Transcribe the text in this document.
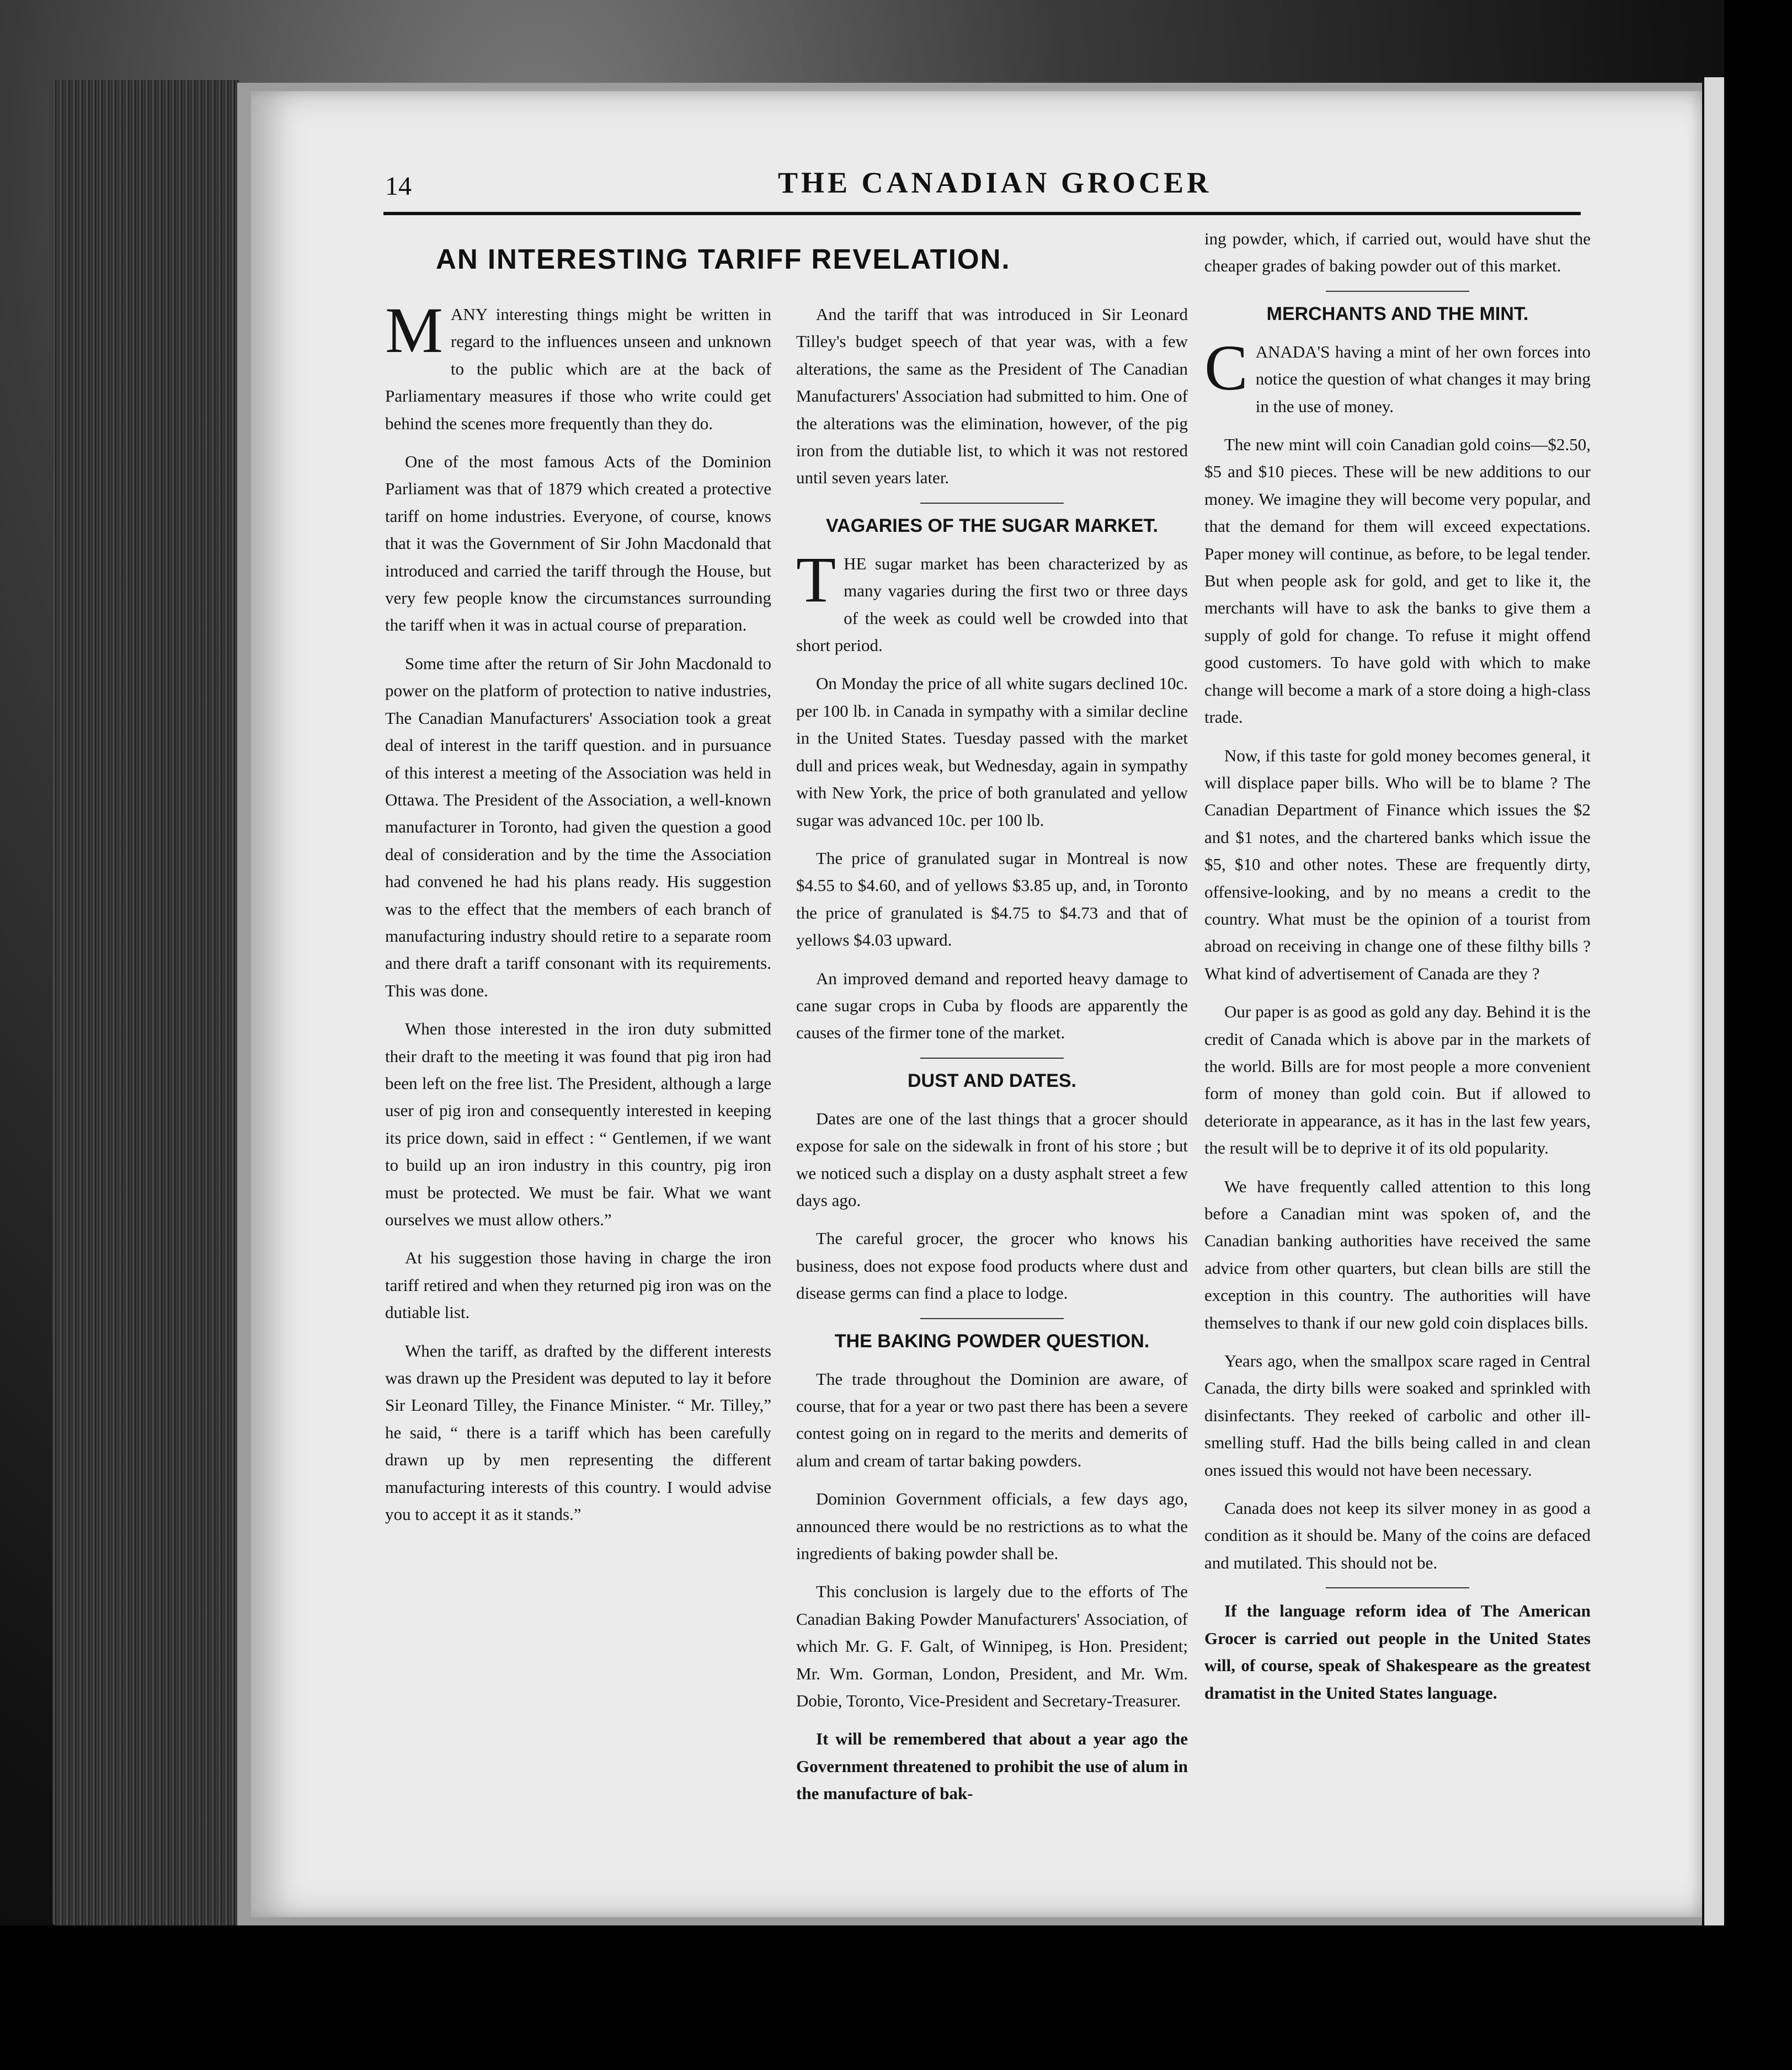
14	THE CANADIAN GROCER
AN INTERESTING TARIFF REVELATION.

MANY interesting things might be written in regard to the influences unseen and unknown to the public which are at the back of Parliamentary measures if those who write could get behind the scenes more frequently than they do.

One of the most famous Acts of the Dominion Parliament was that of 1879 which created a protective tariff on home industries. Everyone, of course, knows that it was the Government of Sir John Macdonald that introduced and carried the tariff through the House, but very few people know the circumstances surrounding the tariff when it was in actual course of preparation.

Some time after the return of Sir John Macdonald to power on the platform of protection to native industries, The Canadian Manufacturers' Association took a great deal of interest in the tariff question. and in pursuance of this interest a meeting of the Association was held in Ottawa. The President of the Association, a well-known manufacturer in Toronto, had given the question a good deal of consideration and by the time the Association had convened he had his plans ready. His suggestion was to the effect that the members of each branch of manufacturing industry should retire to a separate room and there draft a tariff consonant with its requirements. This was done.

When those interested in the iron duty submitted their draft to the meeting it was found that pig iron had been left on the free list. The President, although a large user of pig iron and consequently interested in keeping its price down, said in effect : “ Gentlemen, if we want to build up an iron industry in this country, pig iron must be protected. We must be fair. What we want ourselves we must allow others.”

At his suggestion those having in charge the iron tariff retired and when they returned pig iron was on the dutiable list.

When the tariff, as drafted by the different interests was drawn up the President was deputed to lay it before Sir Leonard Tilley, the Finance Minister. “ Mr. Tilley,” he said, “ there is a tariff which has been carefully drawn up by men representing the different manufacturing interests of this country. I would advise you to accept it as it stands.”

And the tariff that was introduced in Sir Leonard Tilley's budget speech of that year was, with a few alterations, the same as the President of The Canadian Manufacturers' Association had submitted to him. One of the alterations was the elimination, however, of the pig iron from the dutiable list, to which it was not restored until seven years later.

VAGARIES OF THE SUGAR MARKET.

THE sugar market has been characterized by as many vagaries during the first two or three days of the week as could well be crowded into that short period.

On Monday the price of all white sugars declined 10c. per 100 lb. in Canada in sympathy with a similar decline in the United States. Tuesday passed with the market dull and prices weak, but Wednesday, again in sympathy with New York, the price of both granulated and yellow sugar was advanced 10c. per 100 lb.

The price of granulated sugar in Montreal is now $4.55 to $4.60, and of yellows $3.85 up, and, in Toronto the price of granulated is $4.75 to $4.73 and that of yellows $4.03 upward.

An improved demand and reported heavy damage to cane sugar crops in Cuba by floods are apparently the causes of the firmer tone of the market.

DUST AND DATES.

Dates are one of the last things that a grocer should expose for sale on the sidewalk in front of his store ; but we noticed such a display on a dusty asphalt street a few days ago.

The careful grocer, the grocer who knows his business, does not expose food products where dust and disease germs can find a place to lodge.

THE BAKING POWDER QUESTION.

The trade throughout the Dominion are aware, of course, that for a year or two past there has been a severe contest going on in regard to the merits and demerits of alum and cream of tartar baking powders.

Dominion Government officials, a few days ago, announced there would be no restrictions as to what the ingredients of baking powder shall be.

This conclusion is largely due to the efforts of The Canadian Baking Powder Manufacturers' Association, of which Mr. G. F. Galt, of Winnipeg, is Hon. President; Mr. Wm. Gorman, London, President, and Mr. Wm. Dobie, Toronto, Vice-President and Secretary-Treasurer.

It will be remembered that about a year ago the Government threatened to prohibit the use of alum in the manufacture of bak-

ing powder, which, if carried out, would have shut the cheaper grades of baking powder out of this market.

MERCHANTS AND THE MINT.

CANADA'S having a mint of her own forces into notice the question of what changes it may bring in the use of money.

The new mint will coin Canadian gold coins—$2.50, $5 and $10 pieces. These will be new additions to our money. We imagine they will become very popular, and that the demand for them will exceed expectations. Paper money will continue, as before, to be legal tender. But when people ask for gold, and get to like it, the merchants will have to ask the banks to give them a supply of gold for change. To refuse it might offend good customers. To have gold with which to make change will become a mark of a store doing a high-class trade.

Now, if this taste for gold money becomes general, it will displace paper bills. Who will be to blame ? The Canadian Department of Finance which issues the $2 and $1 notes, and the chartered banks which issue the $5, $10 and other notes. These are frequently dirty, offensive-looking, and by no means a credit to the country. What must be the opinion of a tourist from abroad on receiving in change one of these filthy bills ? What kind of advertisement of Canada are they ?

Our paper is as good as gold any day. Behind it is the credit of Canada which is above par in the markets of the world. Bills are for most people a more convenient form of money than gold coin. But if allowed to deteriorate in appearance, as it has in the last few years, the result will be to deprive it of its old popularity.

We have frequently called attention to this long before a Canadian mint was spoken of, and the Canadian banking authorities have received the same advice from other quarters, but clean bills are still the exception in this country. The authorities will have themselves to thank if our new gold coin displaces bills.

Years ago, when the smallpox scare raged in Central Canada, the dirty bills were soaked and sprinkled with disinfectants. They reeked of carbolic and other ill-smelling stuff. Had the bills being called in and clean ones issued this would not have been necessary.

Canada does not keep its silver money in as good a condition as it should be. Many of the coins are defaced and mutilated. This should not be.

If the language reform idea of The American Grocer is carried out people in the United States will, of course, speak of Shakespeare as the greatest dramatist in the United States language.
